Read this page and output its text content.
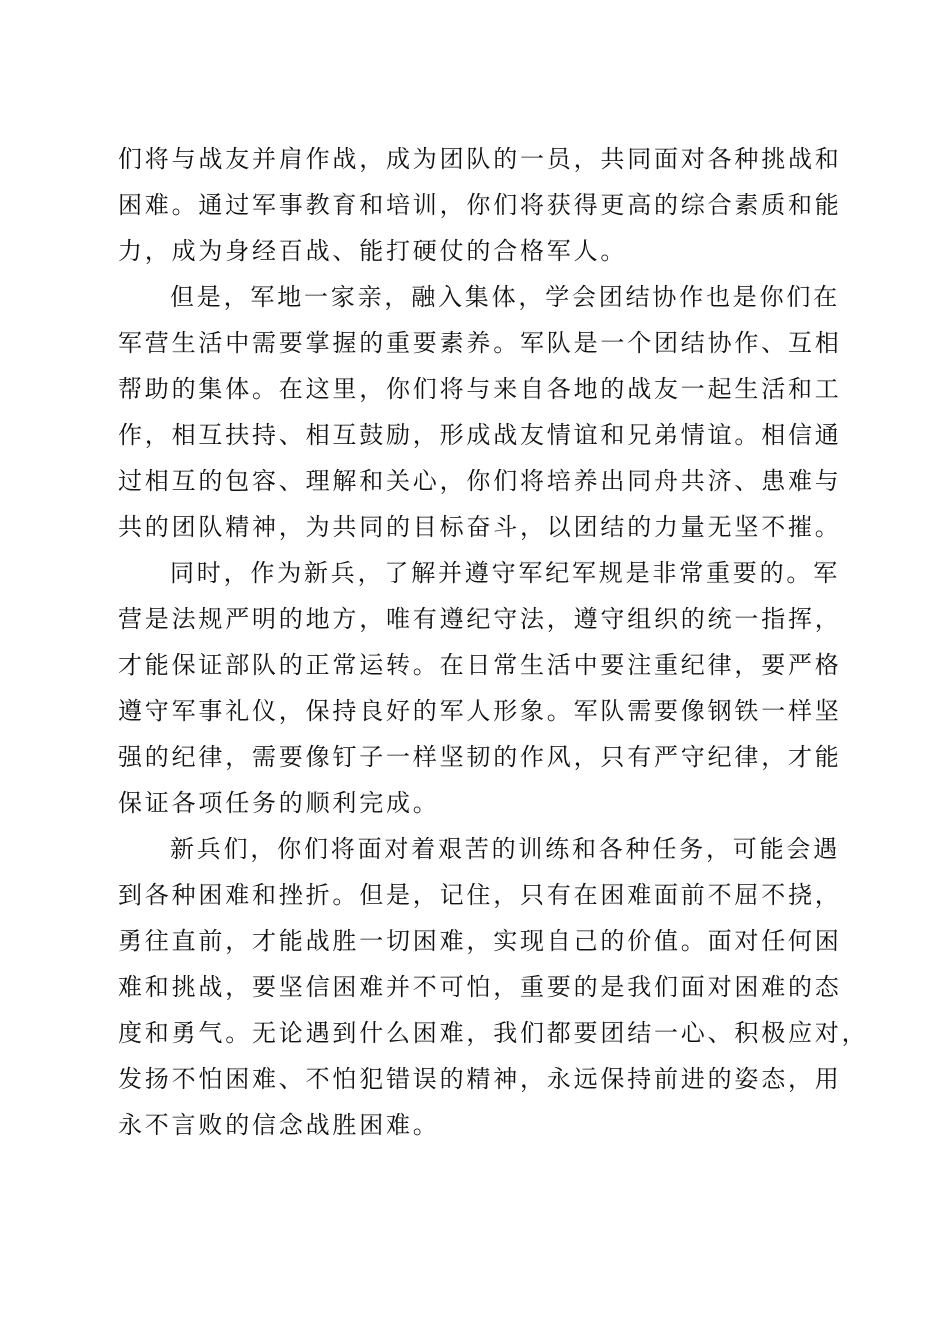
们将与战友并肩作战，成为团队的一员，共同面对各种挑战和
困难。通过军事教育和培训，你们将获得更高的综合素质和能
力，成为身经百战、能打硬仗的合格军人。
但是，军地一家亲，融入集体，学会团结协作也是你们在
军营生活中需要掌握的重要素养。军队是一个团结协作、互相
帮助的集体。在这里，你们将与来自各地的战友一起生活和工
作，相互扶持、相互鼓励，形成战友情谊和兄弟情谊。相信通
过相互的包容、理解和关心，你们将培养出同舟共济、患难与
共的团队精神，为共同的目标奋斗，以团结的力量无坚不摧。
同时，作为新兵，了解并遵守军纪军规是非常重要的。军
营是法规严明的地方，唯有遵纪守法，遵守组织的统一指挥，
才能保证部队的正常运转。在日常生活中要注重纪律，要严格
遵守军事礼仪，保持良好的军人形象。军队需要像钢铁一样坚
强的纪律，需要像钉子一样坚韧的作风，只有严守纪律，才能
保证各项任务的顺利完成。
新兵们，你们将面对着艰苦的训练和各种任务，可能会遇
到各种困难和挫折。但是，记住，只有在困难面前不屈不挠，
勇往直前，才能战胜一切困难，实现自己的价值。面对任何困
难和挑战，要坚信困难并不可怕，重要的是我们面对困难的态
度和勇气。无论遇到什么困难，我们都要团结一心、积极应对，
发扬不怕困难、不怕犯错误的精神，永远保持前进的姿态，用
永不言败的信念战胜困难。
